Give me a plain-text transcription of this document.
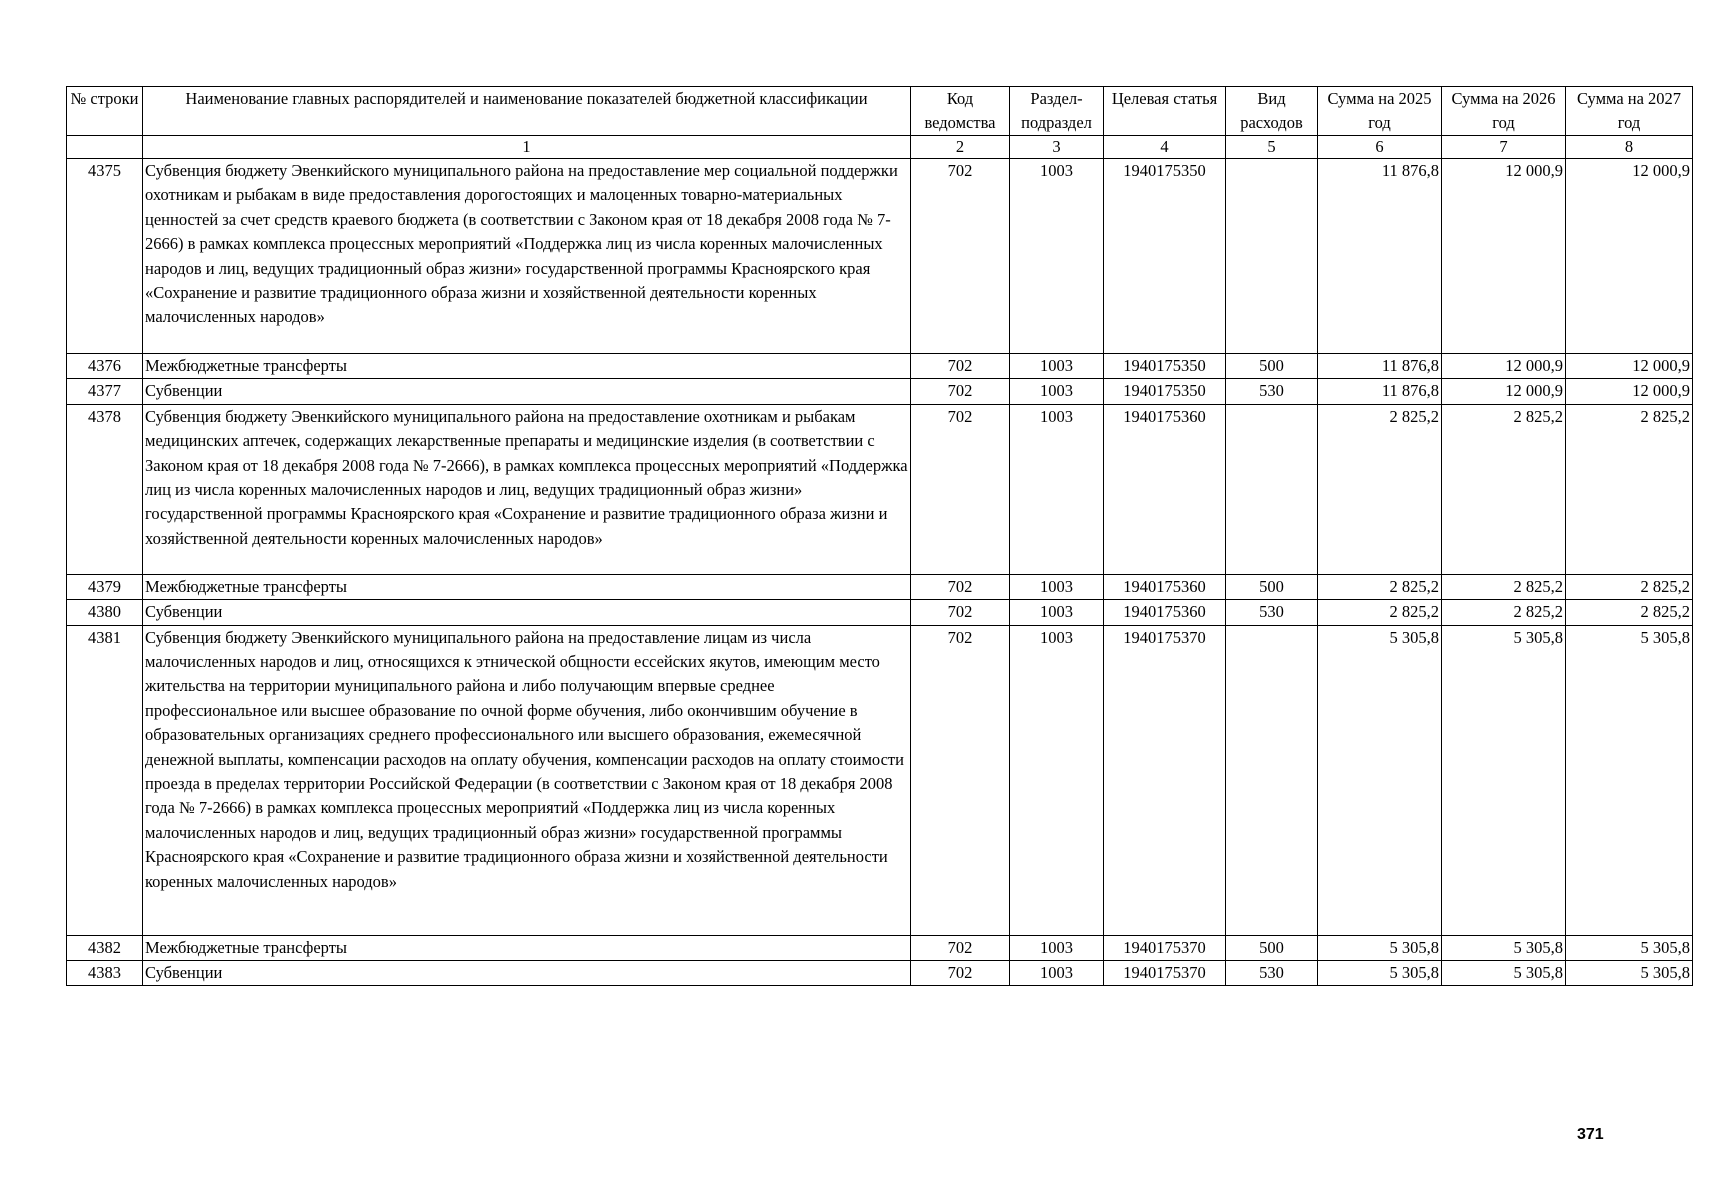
№ строки	Наименование главных распорядителей и наименование показателей бюджетной классификации	Код ведомства	Раздел-подраздел	Целевая статья	Вид расходов	Сумма на 2025 год	Сумма на 2026 год	Сумма на 2027 год
	1	2	3	4	5	6	7	8
4375	Субвенция бюджету Эвенкийского муниципального района на предоставление мер социальной поддержки охотникам и рыбакам в виде предоставления дорогостоящих и малоценных товарно-материальных ценностей за счет средств краевого бюджета (в соответствии с Законом края от 18 декабря 2008 года № 7-2666) в рамках комплекса процессных мероприятий «Поддержка лиц из числа коренных малочисленных народов и лиц, ведущих традиционный образ жизни» государственной программы Красноярского края «Сохранение и развитие традиционного образа жизни и хозяйственной деятельности коренных малочисленных народов»	702	1003	1940175350		11 876,8	12 000,9	12 000,9
4376	Межбюджетные трансферты	702	1003	1940175350	500	11 876,8	12 000,9	12 000,9
4377	Субвенции	702	1003	1940175350	530	11 876,8	12 000,9	12 000,9
4378	Субвенция бюджету Эвенкийского муниципального района на предоставление охотникам и рыбакам медицинских аптечек, содержащих лекарственные препараты и медицинские изделия (в соответствии с Законом края от 18 декабря 2008 года № 7-2666), в рамках комплекса процессных мероприятий «Поддержка лиц из числа коренных малочисленных народов и лиц, ведущих традиционный образ жизни» государственной программы Красноярского края «Сохранение и развитие традиционного образа жизни и хозяйственной деятельности коренных малочисленных народов»	702	1003	1940175360		2 825,2	2 825,2	2 825,2
4379	Межбюджетные трансферты	702	1003	1940175360	500	2 825,2	2 825,2	2 825,2
4380	Субвенции	702	1003	1940175360	530	2 825,2	2 825,2	2 825,2
4381	Субвенция бюджету Эвенкийского муниципального района на предоставление лицам из числа малочисленных народов и лиц, относящихся к этнической общности ессейских якутов, имеющим место жительства на территории муниципального района и либо получающим впервые среднее профессиональное или высшее образование по очной форме обучения, либо окончившим обучение в образовательных организациях среднего профессионального или высшего образования, ежемесячной денежной выплаты, компенсации расходов на оплату обучения, компенсации расходов на оплату стоимости проезда в пределах территории Российской Федерации (в соответствии с Законом края от 18 декабря 2008 года № 7-2666) в рамках комплекса процессных мероприятий «Поддержка лиц из числа коренных малочисленных народов и лиц, ведущих традиционный образ жизни» государственной программы Красноярского края «Сохранение и развитие традиционного образа жизни и хозяйственной деятельности коренных малочисленных народов»	702	1003	1940175370		5 305,8	5 305,8	5 305,8
4382	Межбюджетные трансферты	702	1003	1940175370	500	5 305,8	5 305,8	5 305,8
4383	Субвенции	702	1003	1940175370	530	5 305,8	5 305,8	5 305,8
371
